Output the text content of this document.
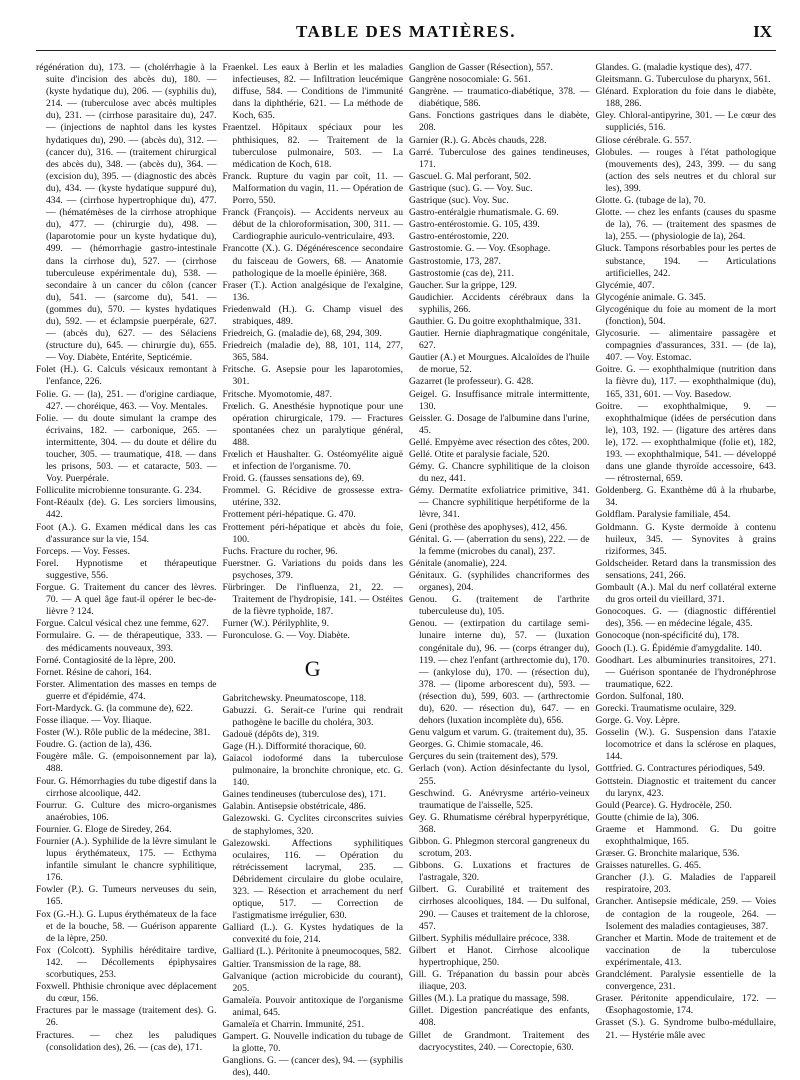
TABLE DES MATIÈRES.	IX

régénération du), 173. — (cholérrhagie à la suite d'incision des abcès du), 180. — (kyste hydatique du), 206. — (syphilis du), 214. — (tuberculose avec abcès multiples du), 231. — (cirrhose parasitaire du), 247. — (injections de naphtol dans les kystes hydatiques du), 290. — (abcès du), 312. — (cancer du), 316. — (traitement chirurgical des abcès du), 348. — (abcès du), 364. — (excision du), 395. — (diagnostic des abcès du), 434. — (kyste hydatique suppuré du), 434. — (cirrhose hypertrophique du), 477. — (hématémèses de la cirrhose atrophique du), 477. — (chirurgie du), 498. — (laparotomie pour un kyste hydatique du), 499. — (hémorrhagie gastro-intestinale dans la cirrhose du), 527. — (cirrhose tuberculeuse expérimentale du), 538. — secondaire à un cancer du côlon (cancer du), 541. — (sarcome du), 541. — (gommes du), 570. — kystes hydatiques du), 592. — et éclampsie puerpérale, 627. — (abcès du), 627. — des Sélaciens (structure du), 645. — chirurgie du), 655. — Voy. Diabète, Entérite, Septicémie.

Folet (H.). G. Calculs vésicaux remontant à l'enfance, 226.

Folie. G. — (la), 251. — d'origine cardiaque, 427. — choréique, 463. — Voy. Mentales.

Folie. — du doute simulant la crampe des écrivains, 182. — carbonique, 265. — intermittente, 304. — du doute et délire du toucher, 305. — traumatique, 418. — dans les prisons, 503. — et cataracte, 503. — Voy. Puerpérale.

Folliculite microbienne tonsurante. G. 234.

Font-Réaulx (de). G. Les sorciers limousins, 442.

Foot (A.). G. Examen médical dans les cas d'assurance sur la vie, 154.

Forceps. — Voy. Fesses.

Forel. Hypnotisme et thérapeutique suggestive, 556.

Forgue. G. Traitement du cancer des lèvres. 70. — A quel âge faut-il opérer le bec-de-lièvre ? 124.

Forgue. Calcul vésical chez une femme, 627.

Formulaire. G. — de thérapeutique, 333. — des médicaments nouveaux, 393.

Forné. Contagiosité de la lèpre, 200.

Fornet. Résine de cahori, 164.

Forster. Alimentation des masses en temps de guerre et d'épidémie, 474.

Fort-Mardyck. G. (la commune de), 622.

Fosse iliaque. — Voy. Iliaque.

Foster (W.). Rôle public de la médecine, 381.

Foudre. G. (action de la), 436.

Fougère mâle. G. (empoisonnement par la), 488.

Four. G. Hémorrhagies du tube digestif dans la cirrhose alcoolique, 442.

Fourrur. G. Culture des micro-organismes anaérobies, 106.

Fournier. G. Eloge de Siredey, 264.

Fournier (A.). Syphilide de la lèvre simulant le lupus érythémateux, 175. — Ecthyma infantile simulant le chancre syphilitique, 176.

Fowler (P.). G. Tumeurs nerveuses du sein, 165.

Fox (G.-H.). G. Lupus érythémateux de la face et de la bouche, 58. — Guérison apparente de la lèpre, 250.

Fox (Colcott). Syphilis héréditaire tardive, 142. — Décollements épiphysaires scorbutiques, 253.

Foxwell. Phthisie chronique avec déplacement du cœur, 156.

Fractures par le massage (traitement des). G. 26.

Fractures. — chez les paludiques (consolidation des), 26. — (cas de), 171.

Fraenkel. Les eaux à Berlin et les maladies infectieuses, 82. — Infiltration leucémique diffuse, 584. — Conditions de l'immunité dans la diphthérie, 621. — La méthode de Koch, 635.

Fraentzel. Hôpitaux spéciaux pour les phthisiques, 82. — Traitement de la tuberculose pulmonaire, 503. — La médication de Koch, 618.

Franck. Rupture du vagin par coït, 11. — Malformation du vagin, 11. — Opération de Porro, 550.

Franck (François). — Accidents nerveux au début de la chloroformisation, 300, 311. — Cardiographie auriculo-ventriculaire, 493.

Francotte (X.). G. Dégénérescence secondaire du faisceau de Gowers, 68. — Anatomie pathologique de la moelle épinière, 368.

Fraser (T.). Action analgésique de l'exalgine, 136.

Friedenwald (H.). G. Champ visuel des strabiques, 489.

Friedreich, G. (maladie de), 68, 294, 309.

Friedreich (maladie de), 88, 101, 114, 277, 365, 584.

Fritsche. G. Asepsie pour les laparotomies, 301.

Fritsche. Myomotomie, 487.

Frœlich. G. Anesthésie hypnotique pour une opération chirurgicale, 179. — Fractures spontanées chez un paralytique général, 488.

Frœlich et Haushalter. G. Ostéomyélite aiguë et infection de l'organisme. 70.

Froid. G. (fausses sensations de), 69.

Frommel. G. Récidive de grossesse extra-utérine, 332.

Frottement péri-hépatique. G. 470.

Frottement péri-hépatique et abcès du foie, 100.

Fuchs. Fracture du rocher, 96.

Fuerstner. G. Variations du poids dans les psychoses, 379.

Fürbringer. De l'influenza, 21, 22. — Traitement de l'hydropisie, 141. — Ostéites de la fièvre typhoïde, 187.

Furner (W.). Périlyphlite, 9.

Furonculose. G. — Voy. Diabète.

G

Gabritchewsky. Pneumatoscope, 118.

Gabuzzi. G. Serait-ce l'urine qui rendrait pathogène le bacille du choléra, 303.

Gadouë (dépôts de), 319.

Gage (H.). Difformité thoracique, 60.

Gaïacol iodoformé dans la tuberculose pulmonaire, la bronchite chronique, etc. G. 140.

Gaines tendineuses (tuberculose des), 171.

Galabin. Antisepsie obstétricale, 486.

Galezowski. G. Cyclites circonscrites suivies de staphylomes, 320.

Galezowski. Affections syphilitiques oculaires, 116. — Opération du rétrécissement lacrymal, 235. — Débridement circulaire du globe oculaire, 323. — Résection et arrachement du nerf optique, 517. — Correction de l'astigmatisme irrégulier, 630.

Galliard (L.). G. Kystes hydatiques de la convexité du foie, 214.

Galliard (L.). Péritonite à pneumocoques, 582.

Galtier. Transmission de la rage, 88.

Galvanique (action microbicide du courant), 205.

Gamaleïa. Pouvoir antitoxique de l'organisme animal, 645.

Gamaleïa et Charrin. Immunité, 251.

Gampert. G. Nouvelle indication du tubage de la glotte, 70.

Ganglions. G. — (cancer des), 94. — (syphilis des), 440.

Ganglion de Gasser (Résection), 557.

Gangrène nosocomiale: G. 561.

Gangrène. — traumatico-diabétique, 378. — diabétique, 586.

Gans. Fonctions gastriques dans le diabète, 208.

Garnier (R.). G. Abcès chauds, 228.

Garré. Tuberculose des gaines tendineuses, 171.

Gascuel. G. Mal perforant, 502.

Gastrique (suc). G. — Voy. Suc.

Gastrique (suc). Voy. Suc.

Gastro-entéralgie rhumatismale. G. 69.

Gastro-entérostomie. G. 105, 439.

Gastro-entérostomie, 220.

Gastrostomie. G. — Voy. Œsophage.

Gastrostomie, 173, 287.

Gastrostomie (cas de), 211.

Gaucher. Sur la grippe, 129.

Gaudichier. Accidents cérébraux dans la syphilis, 266.

Gauthier. G. Du goitre exophthalmique, 331.

Gautier. Hernie diaphragmatique congénitale, 627.

Gautier (A.) et Mourgues. Alcaloïdes de l'huile de morue, 52.

Gazarret (le professeur). G. 428.

Geigel. G. Insuffisance mitrale intermittente, 130.

Geissler. G. Dosage de l'albumine dans l'urine, 45.

Gellé. Empyème avec résection des côtes, 200.

Gellé. Otite et paralysie faciale, 520.

Gémy. G. Chancre syphilitique de la cloison du nez, 441.

Gémy. Dermatite exfoliatrice primitive, 341. — Chancre syphilitique herpétiforme de la lèvre, 341.

Geni (prothèse des apophyses), 412, 456.

Génital. G. — (aberration du sens), 222. — de la femme (microbes du canal), 237.

Génitale (anomalie), 224.

Génitaux. G. (syphilides chancriformes des organes), 204.

Genou. G. (traitement de l'arthrite tuberculeuse du), 105.

Genou. — (extirpation du cartilage semi-lunaire interne du), 57. — (luxation congénitale du), 96. — (corps étranger du), 119. — chez l'enfant (arthrectomie du), 170. — (ankylose du), 170. — (résection du), 378. — (lipome arborescent du), 593. — (résection du), 599, 603. — (arthrectomie du), 620. — résection du), 647. — en dehors (luxation incomplète du), 656.

Genu valgum et varum. G. (traitement du), 35.

Georges. G. Chimie stomacale, 46.

Gerçures du sein (traitement des), 579.

Gerlach (von). Action désinfectante du lysol, 255.

Geschwind. G. Anévrysme artério-veineux traumatique de l'aisselle, 525.

Gey. G. Rhumatisme cérébral hyperpyrétique, 368.

Gibbon. G. Phlegmon stercoral gangreneux du scrotum, 203.

Gibbons. G. Luxations et fractures de l'astragale, 320.

Gilbert. G. Curabilité et traitement des cirrhoses alcooliques, 184. — Du sulfonal, 290. — Causes et traitement de la chlorose, 457.

Gilbert. Syphilis médullaire précoce, 338.

Gilbert et Hanot. Cirrhose alcoolique hypertrophique, 250.

Gill. G. Trépanation du bassin pour abcès iliaque, 203.

Gilles (M.). La pratique du massage, 598.

Gillet. Digestion pancréatique des enfants, 408.

Gillet de Grandmont. Traitement des dacryocystites, 240. — Corectopie, 630.

Glandes. G. (maladie kystique des), 477.

Gleitsmann. G. Tuberculose du pharynx, 561.

Glénard. Exploration du foie dans le diabète, 188, 286.

Gley. Chloral-antipyrine, 301. — Le cœur des suppliciés, 516.

Gliose cérébrale. G. 557.

Globules. — rouges à l'état pathologique (mouvements des), 243, 399. — du sang (action des sels neutres et du chloral sur les), 399.

Glotte. G. (tubage de la), 70.

Glotte. — chez les enfants (causes du spasme de la), 76. — (traitement des spasmes de la), 255. — (physiologie de la), 264.

Gluck. Tampons résorbables pour les pertes de substance, 194. — Articulations artificielles, 242.

Glycémie, 407.

Glycogénie animale. G. 345.

Glycogénique du foie au moment de la mort (fonction), 504.

Glycosurie. — alimentaire passagère et compagnies d'assurances, 331. — (de la), 407. — Voy. Estomac.

Goitre. G. — exophthalmique (nutrition dans la fièvre du), 117. — exophthalmique (du), 165, 331, 601. — Voy. Basedow.

Goitre. — exophthalmique, 9. — exophthalmique (idées de persécution dans le), 103, 192. — (ligature des artères dans le), 172. — exophthalmique (folie et), 182, 193. — exophthalmique, 541. — développé dans une glande thyroïde accessoire, 643. — rétrosternal, 659.

Goldenberg. G. Exanthème dû à la rhubarbe, 34.

Goldflam. Paralysie familiale, 454.

Goldmann. G. Kyste dermoïde à contenu huileux, 345. — Synovites à grains riziformes, 345.

Goldscheider. Retard dans la transmission des sensations, 241, 266.

Gombault (A.). Mal du nerf collatéral externe du gros orteil du vieillard, 371.

Gonocoques. G. — (diagnostic différentiel des), 356. — en médecine légale, 435.

Gonocoque (non-spécificité du), 178.

Gooch (I.). G. Épidémie d'amygdalite. 140.

Goodhart. Les albuminuries transitoires, 271. — Guérison spontanée de l'hydronéphrose traumatique, 622.

Gordon. Sulfonal, 180.

Gorecki. Traumatisme oculaire, 329.

Gorge. G. Voy. Lèpre.

Gosselin (W.). G. Suspension dans l'ataxie locomotrice et dans la sclérose en plaques, 144.

Gottfried. G. Contractures périodiques, 549.

Gottstein. Diagnostic et traitement du cancer du larynx, 423.

Gould (Pearce). G. Hydrocèle, 250.

Goutte (chimie de la), 306.

Graeme et Hammond. G. Du goitre exophthalmique, 165.

Græser. G. Bronchite malarique, 536.

Graisses naturelles. G. 465.

Grancher (J.). G. Maladies de l'appareil respiratoire, 203.

Grancher. Antisepsie médicale, 259. — Voies de contagion de la rougeole, 264. — Isolement des maladies contagieuses, 387.

Grancher et Martin. Mode de traitement et de vaccination de la tuberculose expérimentale, 413.

Grandclément. Paralysie essentielle de la convergence, 231.

Graser. Péritonite appendiculaire, 172. — Œsophagostomie, 174.

Grasset (S.). G. Syndrome bulbo-médullaire, 21. — Hystérie mâle avec
